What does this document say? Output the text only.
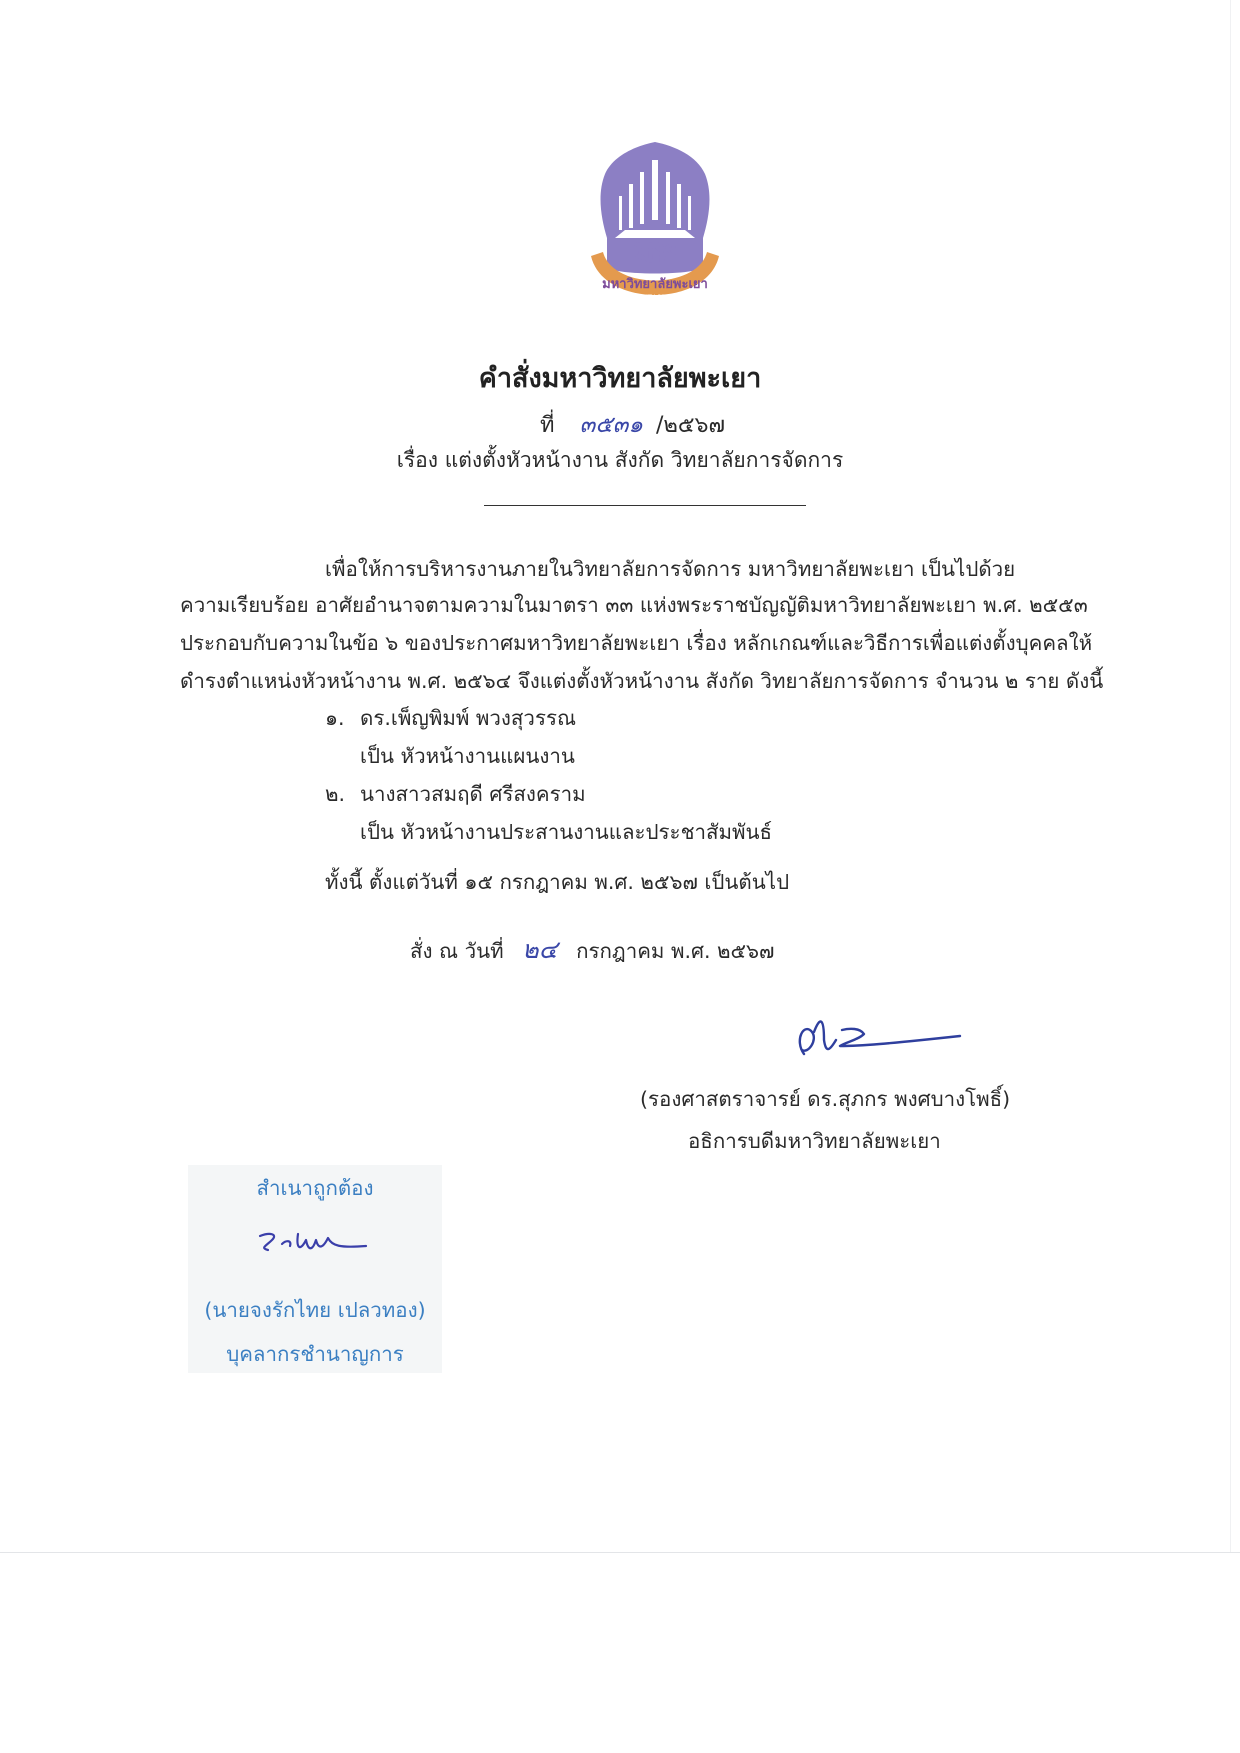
มพ
มหาวิทยาลัยพะเยา
UNIVERSITY OF PHAYAO
คำสั่งมหาวิทยาลัยพะเยา
ที่ ๓๕๓๑ /๒๕๖๗
เรื่อง แต่งตั้งหัวหน้างาน สังกัด วิทยาลัยการจัดการ
เพื่อให้การบริหารงานภายในวิทยาลัยการจัดการ มหาวิทยาลัยพะเยา เป็นไปด้วย
ความเรียบร้อย อาศัยอำนาจตามความในมาตรา ๓๓ แห่งพระราชบัญญัติมหาวิทยาลัยพะเยา พ.ศ. ๒๕๕๓
ประกอบกับความในข้อ ๖ ของประกาศมหาวิทยาลัยพะเยา เรื่อง หลักเกณฑ์และวิธีการเพื่อแต่งตั้งบุคคลให้
ดำรงตำแหน่งหัวหน้างาน พ.ศ. ๒๕๖๔ จึงแต่งตั้งหัวหน้างาน สังกัด วิทยาลัยการจัดการ จำนวน ๒ ราย ดังนี้
๑. ดร.เพ็ญพิมพ์ พวงสุวรรณ
เป็น หัวหน้างานแผนงาน
๒. นางสาวสมฤดี ศรีสงคราม
เป็น หัวหน้างานประสานงานและประชาสัมพันธ์
ทั้งนี้ ตั้งแต่วันที่ ๑๕ กรกฎาคม พ.ศ. ๒๕๖๗ เป็นต้นไป
สั่ง ณ วันที่ ๒๔ กรกฎาคม พ.ศ. ๒๕๖๗
(รองศาสตราจารย์ ดร.สุภกร พงศบางโพธิ์)
อธิการบดีมหาวิทยาลัยพะเยา
สำเนาถูกต้อง
(นายจงรักไทย เปลวทอง)
บุคลากรชำนาญการ
